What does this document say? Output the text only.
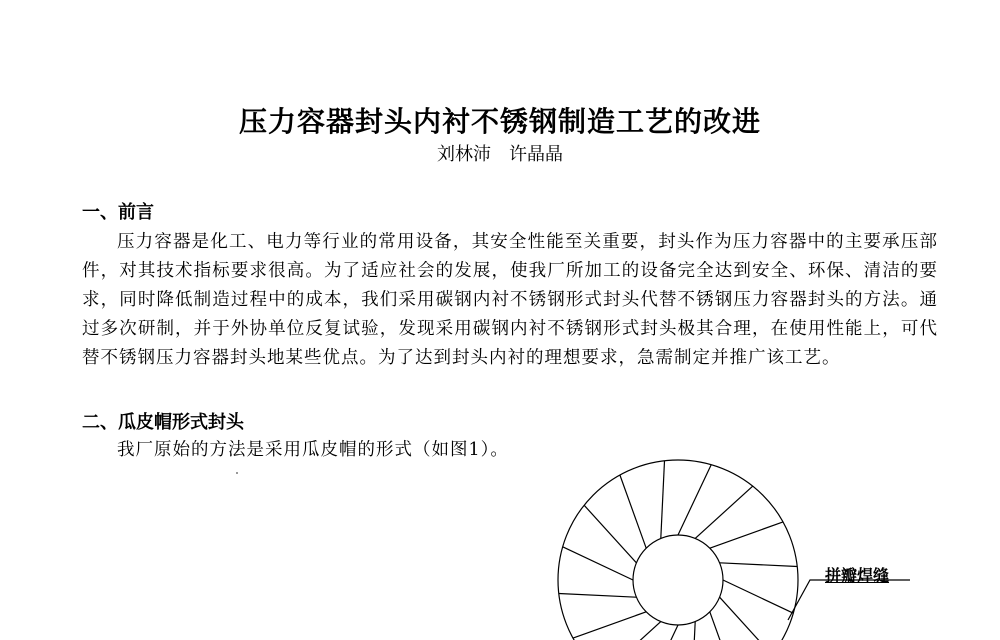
压力容器封头内衬不锈钢制造工艺的改进
刘林沛　许晶晶
一、前言

压力容器是化工、电力等行业的常用设备，其安全性能至关重要，封头作为压力容器中的主要承压部件，对其技术指标要求很高。为了适应社会的发展，使我厂所加工的设备完全达到安全、环保、清洁的要求，同时降低制造过程中的成本，我们采用碳钢内衬不锈钢形式封头代替不锈钢压力容器封头的方法。通过多次研制，并于外协单位反复试验，发现采用碳钢内衬不锈钢形式封头极其合理，在使用性能上，可代替不锈钢压力容器封头地某些优点。为了达到封头内衬的理想要求，急需制定并推广该工艺。

二、瓜皮帽形式封头

我厂原始的方法是采用瓜皮帽的形式（如图1）。

拼瓣焊缝
